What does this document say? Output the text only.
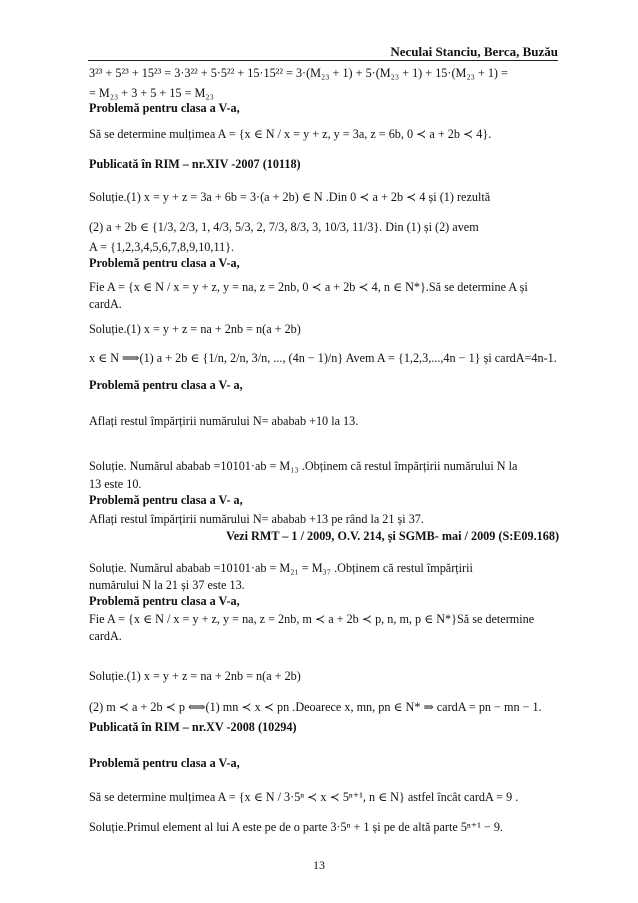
Neculai Stanciu, Berca, Buzău
3²³ + 5²³ + 15²³ = 3·3²² + 5·5²² + 15·15²² = 3·(M₂₃ + 1) + 5·(M₂₃ + 1) + 15·(M₂₃ + 1) =
= M₂₃ + 3 + 5 + 15 = M₂₃
Problemă pentru clasa a V-a,
Să se determine mulțimea A = {x ∈ N / x = y + z, y = 3a, z = 6b, 0 ≺ a + 2b ≺ 4}.
Publicată în RIM – nr.XIV -2007 (10118)
Soluție.(1) x = y + z = 3a + 6b = 3·(a + 2b) ∈ N .Din 0 ≺ a + 2b ≺ 4 și (1) rezultă
(2) a + 2b ∈ {1/3, 2/3, 1, 4/3, 5/3, 2, 7/3, 8/3, 3, 10/3, 11/3}. Din (1) și (2) avem
A = {1,2,3,4,5,6,7,8,9,10,11}.
Problemă pentru clasa a V-a,
Fie A = {x ∈ N / x = y + z, y = na, z = 2nb, 0 ≺ a + 2b ≺ 4, n ∈ N*}.Să se determine A și
cardA.
Soluție.(1) x = y + z = na + 2nb = n(a + 2b)
x ∈ N ⟹(1) a + 2b ∈ {1/n, 2/n, 3/n, ..., (4n − 1)/n} Avem A = {1,2,3,...,4n − 1} și cardA=4n-1.
Problemă pentru clasa a V- a,
Aflați restul împărțirii numărului N= ababab +10 la 13.
Soluție. Numărul ababab =10101·ab = M₁₃ .Obținem că restul împărțirii numărului N la
13 este 10.
Problemă pentru clasa a V- a,
Aflați restul împărțirii numărului N= ababab +13 pe rând la 21 și 37.
Vezi RMT – 1 / 2009, O.V. 214, și SGMB- mai / 2009 (S:E09.168)
Soluție. Numărul ababab =10101·ab = M₂₁ = M₃₇ .Obținem că restul împărțirii
numărului N la 21 și 37 este 13.
Problemă pentru clasa a V-a,
Fie A = {x ∈ N / x = y + z, y = na, z = 2nb, m ≺ a + 2b ≺ p, n, m, p ∈ N*}Să se determine
cardA.
Soluție.(1) x = y + z = na + 2nb = n(a + 2b)
(2) m ≺ a + 2b ≺ p ⟺(1) mn ≺ x ≺ pn .Deoarece x, mn, pn ∈ N* ⇒ cardA = pn − mn − 1.
Publicată în RIM – nr.XV -2008 (10294)
Problemă pentru clasa a V-a,
Să se determine mulțimea A = {x ∈ N / 3·5ⁿ ≺ x ≺ 5ⁿ⁺¹, n ∈ N} astfel încât cardA = 9 .
Soluție.Primul element al lui A este pe de o parte 3·5ⁿ + 1 și pe de altă parte 5ⁿ⁺¹ − 9.
13
